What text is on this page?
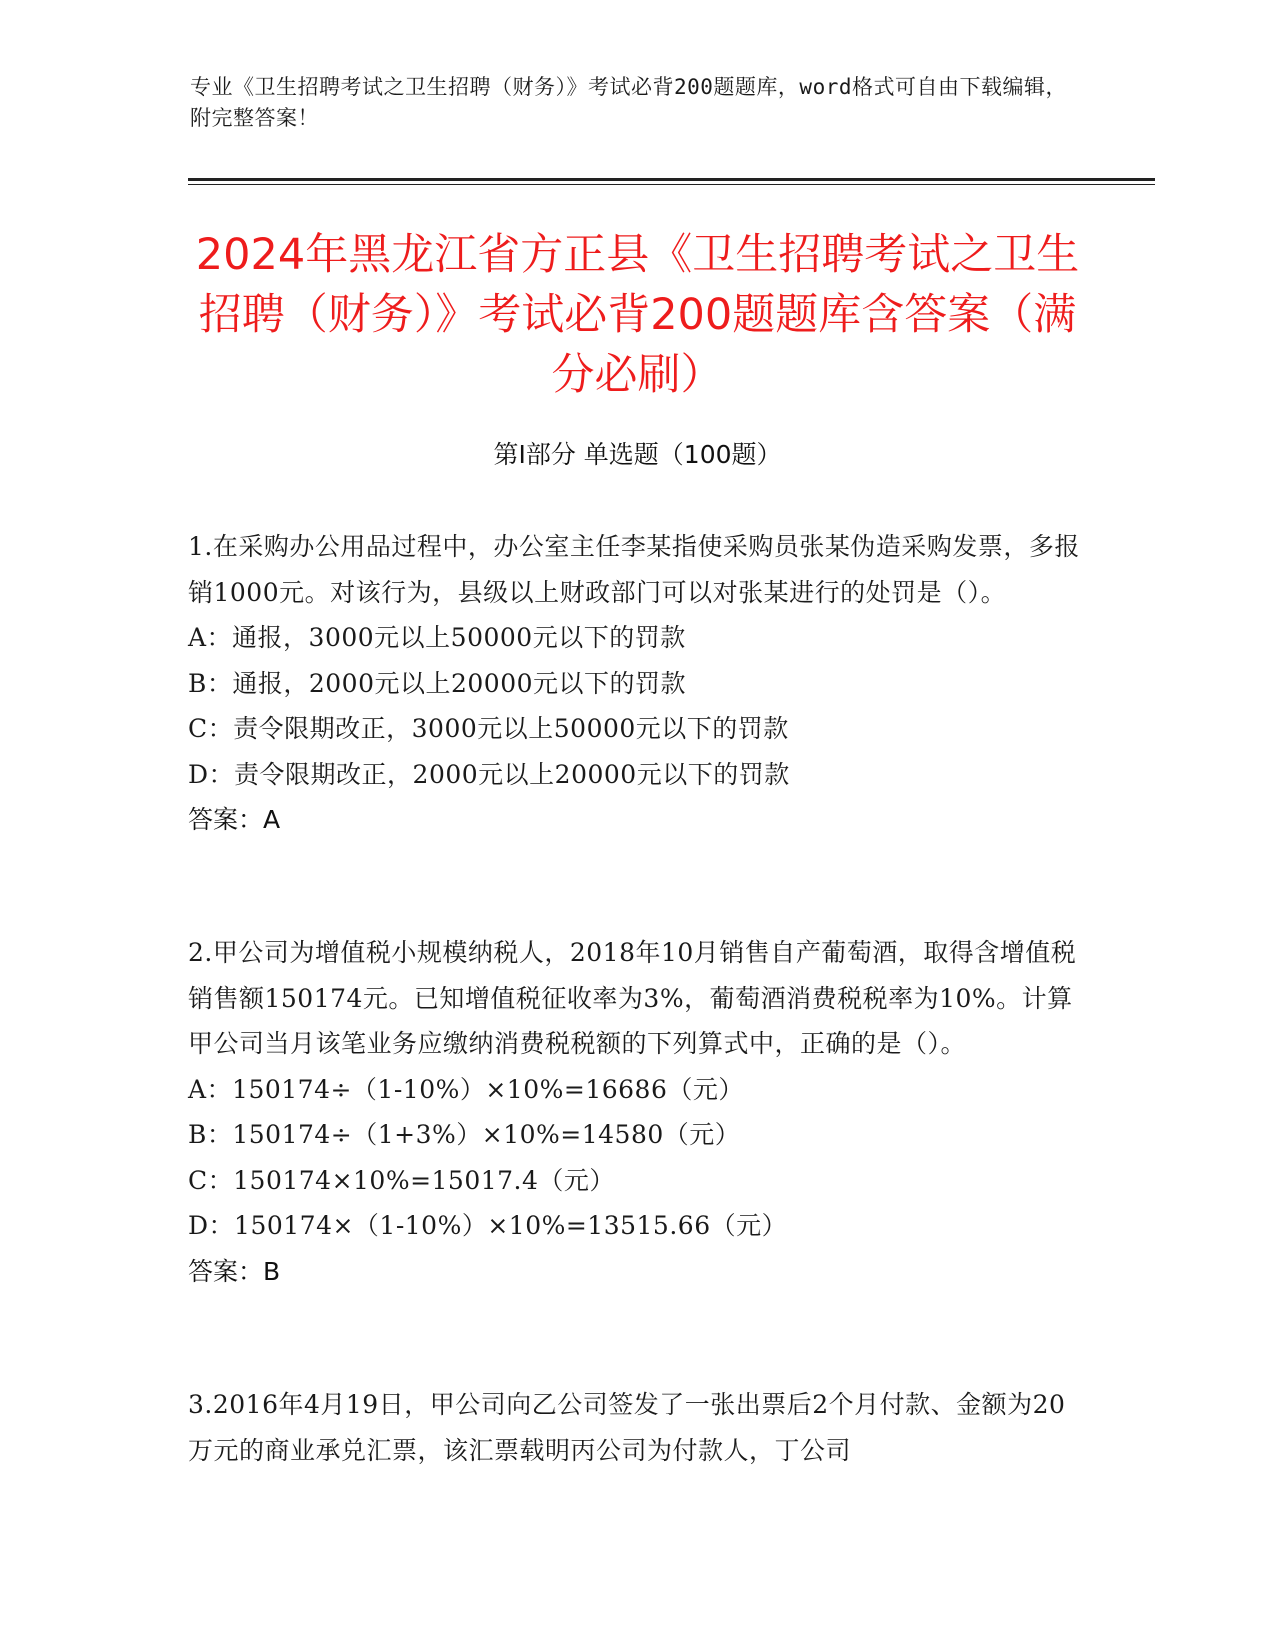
专业《卫生招聘考试之卫生招聘（财务）》考试必背200题题库，word格式可自由下载编辑，附完整答案！
2024年黑龙江省方正县《卫生招聘考试之卫生招聘（财务）》考试必背200题题库含答案（满分必刷）
第I部分 单选题（100题）
1.在采购办公用品过程中，办公室主任李某指使采购员张某伪造采购发票，多报销1000元。对该行为，县级以上财政部门可以对张某进行的处罚是（）。
A：通报，3000元以上50000元以下的罚款
B：通报，2000元以上20000元以下的罚款
C：责令限期改正，3000元以上50000元以下的罚款
D：责令限期改正，2000元以上20000元以下的罚款
答案：A
2.甲公司为增值税小规模纳税人，2018年10月销售自产葡萄酒，取得含增值税销售额150174元。已知增值税征收率为3%，葡萄酒消费税税率为10%。计算甲公司当月该笔业务应缴纳消费税税额的下列算式中，正确的是（）。
A：150174÷（1-10%）×10%=16686（元）
B：150174÷（1+3%）×10%=14580（元）
C：150174×10%=15017.4（元）
D：150174×（1-10%）×10%=13515.66（元）
答案：B
3.2016年4月19日，甲公司向乙公司签发了一张出票后2个月付款、金额为20万元的商业承兑汇票，该汇票载明丙公司为付款人，丁公司
